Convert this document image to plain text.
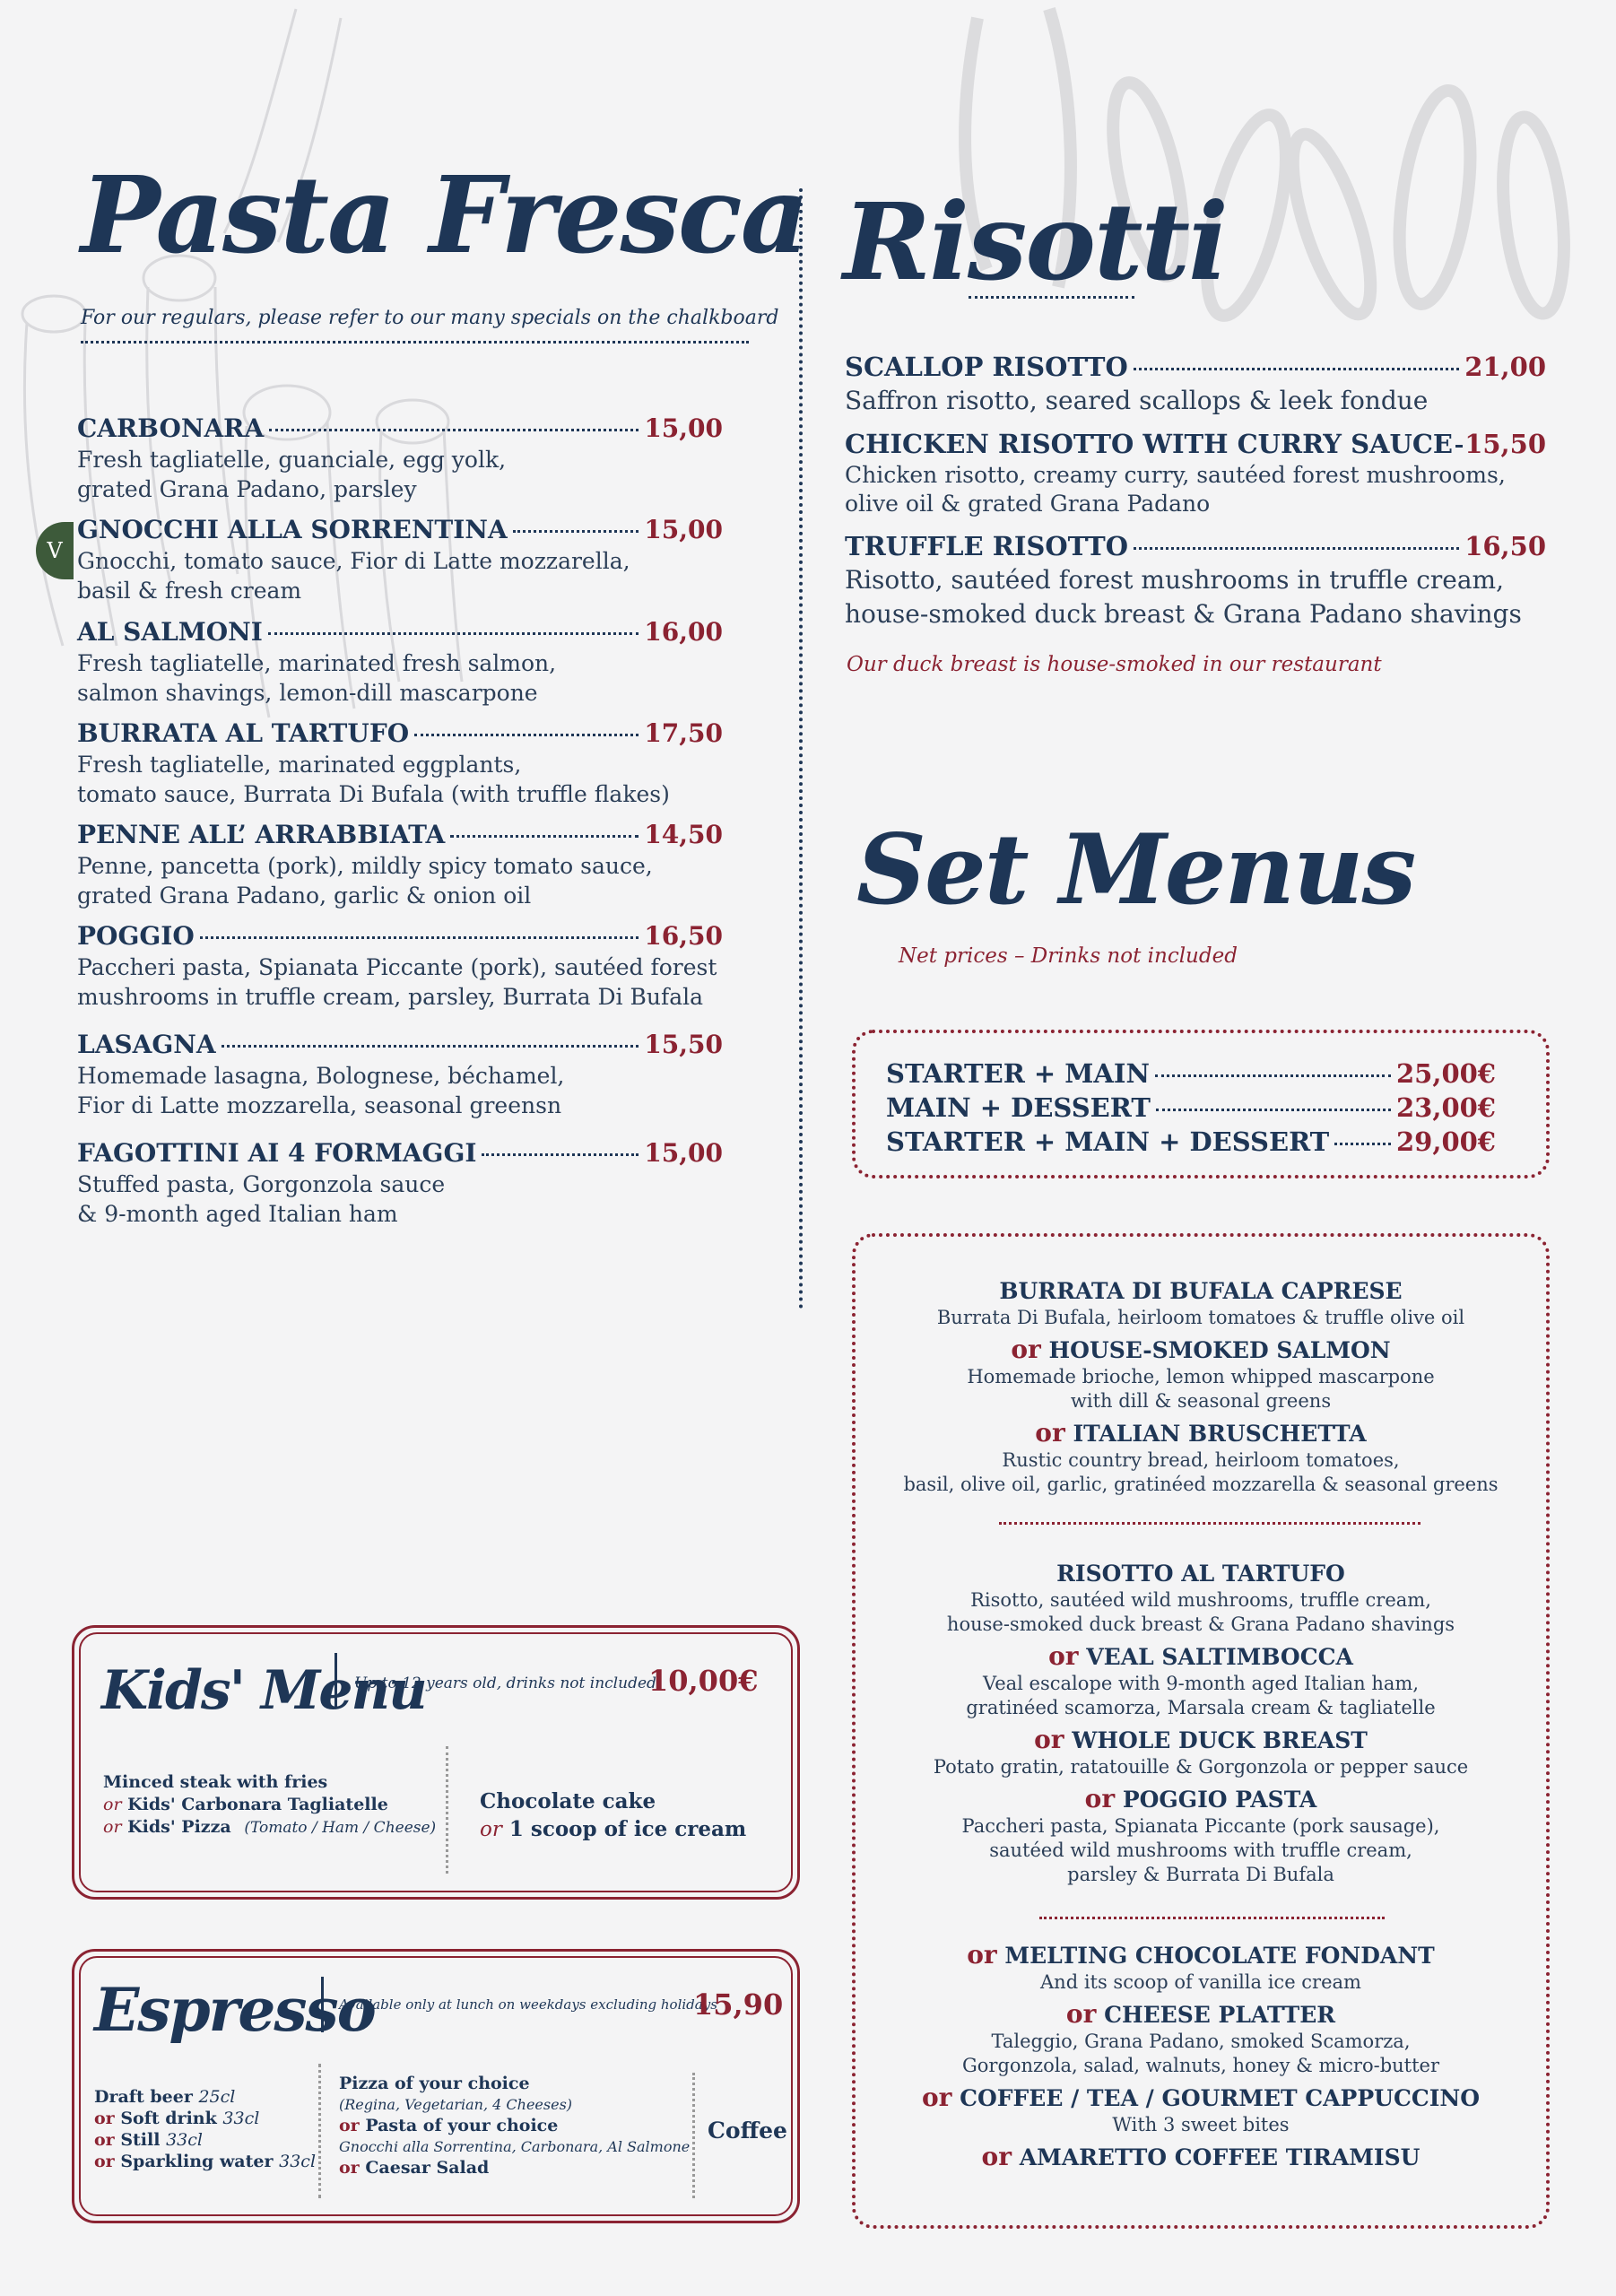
Pasta Fresca
For our regulars, please refer to our many specials on the chalkboard
V
CARBONARA	15,00
Fresh tagliatelle, guanciale, egg yolk,
grated Grana Padano, parsley
GNOCCHI ALLA SORRENTINA	15,00
Gnocchi, tomato sauce, Fior di Latte mozzarella,
basil & fresh cream
AL SALMONI	16,00
Fresh tagliatelle, marinated fresh salmon,
salmon shavings, lemon-dill mascarpone
BURRATA AL TARTUFO	17,50
Fresh tagliatelle, marinated eggplants,
tomato sauce, Burrata Di Bufala (with truffle flakes)
PENNE ALL’ ARRABBIATA	14,50
Penne, pancetta (pork), mildly spicy tomato sauce,
grated Grana Padano, garlic & onion oil
POGGIO	16,50
Paccheri pasta, Spianata Piccante (pork), sautéed forest
mushrooms in truffle cream, parsley, Burrata Di Bufala
LASAGNA	15,50
Homemade lasagna, Bolognese, béchamel,
Fior di Latte mozzarella, seasonal greensn
FAGOTTINI AI 4 FORMAGGI	15,00
Stuffed pasta, Gorgonzola sauce
& 9-month aged Italian ham
Risotti
SCALLOP RISOTTO	21,00
Saffron risotto, seared scallops & leek fondue
CHICKEN RISOTTO WITH CURRY SAUCE 15,50
Chicken risotto, creamy curry, sautéed forest mushrooms,
olive oil & grated Grana Padano
TRUFFLE RISOTTO	16,50
Risotto, sautéed forest mushrooms in truffle cream,
house-smoked duck breast & Grana Padano shavings
Our duck breast is house-smoked in our restaurant
Set Menus
Net prices – Drinks not included
STARTER + MAIN	25,00€
MAIN + DESSERT	23,00€
STARTER + MAIN + DESSERT	29,00€
BURRATA DI BUFALA CAPRESE
Burrata Di Bufala, heirloom tomatoes & truffle olive oil
or HOUSE-SMOKED SALMON
Homemade brioche, lemon whipped mascarpone
with dill & seasonal greens
or ITALIAN BRUSCHETTA
Rustic country bread, heirloom tomatoes,
basil, olive oil, garlic, gratinéed mozzarella & seasonal greens
RISOTTO AL TARTUFO
Risotto, sautéed wild mushrooms, truffle cream,
house-smoked duck breast & Grana Padano shavings
or VEAL SALTIMBOCCA
Veal escalope with 9-month aged Italian ham,
gratinéed scamorza, Marsala cream & tagliatelle
or WHOLE DUCK BREAST
Potato gratin, ratatouille & Gorgonzola or pepper sauce
or POGGIO PASTA
Paccheri pasta, Spianata Piccante (pork sausage),
sautéed wild mushrooms with truffle cream,
parsley & Burrata Di Bufala
or MELTING CHOCOLATE FONDANT
And its scoop of vanilla ice cream
or CHEESE PLATTER
Taleggio, Grana Padano, smoked Scamorza,
Gorgonzola, salad, walnuts, honey & micro-butter
or COFFEE / TEA / GOURMET CAPPUCCINO
With 3 sweet bites
or AMARETTO COFFEE TIRAMISU
Kids' Menu
Up to 12 years old, drinks not included
10,00€
Minced steak with fries
or Kids' Carbonara Tagliatelle
or Kids' Pizza (Tomato / Ham / Cheese)
Chocolate cake
or 1 scoop of ice cream
Espresso
Available only at lunch on weekdays excluding holidays
15,90
Draft beer 25cl
or Soft drink 33cl
or Still 33cl
or Sparkling water 33cl
Pizza of your choice
(Regina, Vegetarian, 4 Cheeses)
or Pasta of your choice
Gnocchi alla Sorrentina, Carbonara, Al Salmone
or Caesar Salad
Coffee
